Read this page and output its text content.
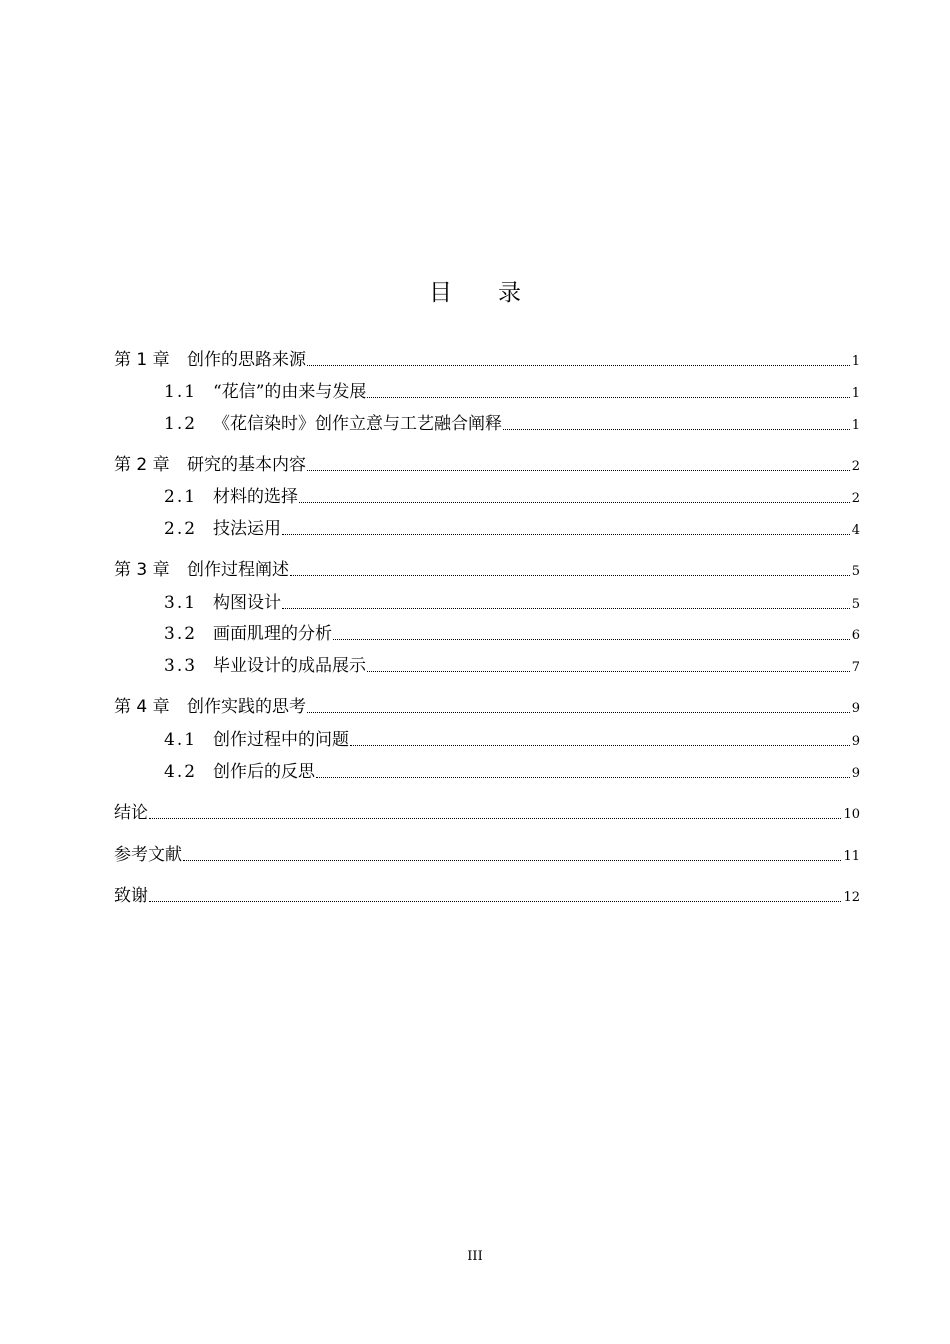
目录
第 1 章	创作的思路来源	1
1.1 “花信”的由来与发展	1
1.2 《花信染时》创作立意与工艺融合阐释	1
第 2 章	研究的基本内容	2
2.1 材料的选择	2
2.2 技法运用	4
第 3 章	创作过程阐述	5
3.1 构图设计	5
3.2 画面肌理的分析	6
3.3 毕业设计的成品展示	7
第 4 章	创作实践的思考	9
4.1 创作过程中的问题	9
4.2 创作后的反思	9
结论	10
参考文献	11
致谢	12
III
